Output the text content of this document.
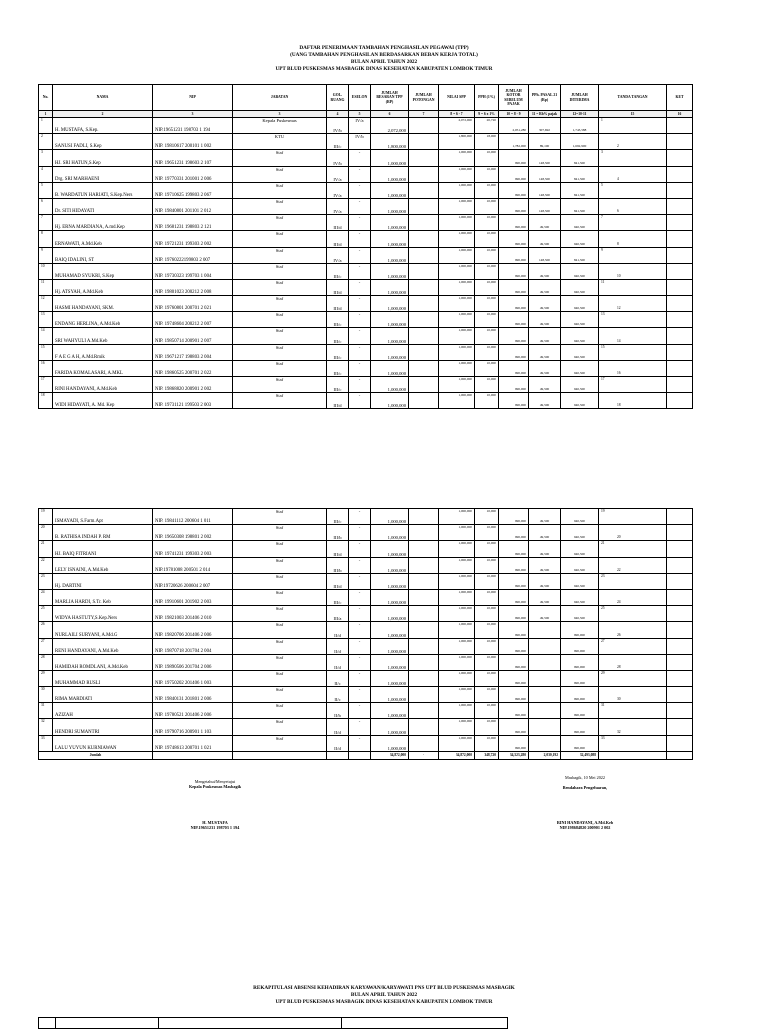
DAFTAR PENERIMAAN TAMBAHAN PENGHASILAN PEGAWAI (TPP)
(UANG TAMBAHAN PENGHASILAN BERDASARKAN BEBAN KERJA TOTAL)
BULAN APRIL TAHUN 2022
UPT BLUD PUSKESMAS MASBAGIK DINAS KESEHATAN KABUPATEN LOMBOK TIMUR
No.	NAMA	NIP	JABATAN	GOL. RUANG	ESELON	JUMLAH BESARAN TPP (RP)	JUMLAH POTONGAN	NILAI SPP	PPH (1%)	JUMLAH KOTOR SEBELUM PAJAK	PPh. PASAL 21 (Rp)	JUMLAH DITERIMA	TANDA TANGAN	KET
1	2	3	3	4	5	6	7	8 = 6 - 7	9 = 6 x 1%	10 = 8 - 9	11 = Rb% pajak	12=10-11	15	16
1	H. MUSTAFA, S.Kep.	NIP.19651231 198703 1 194	Kepala Puskesmas	IV/b	IV/a	2,072,000		2,072,000	20,720	2,051,280	307,692	1,743,588	1	
2	SANUSI FADLI, S.Kep	NIP. 19810617 200101 1 002	KTU	III/c	IV/b	1,800,000		1,800,000	18,000	1,782,000	89,100	1,692,900	2	
3	HJ. SRI HATUN,S.Kep	NIP. 19651231 198603 2 107	Staf	IV/b	-	1,000,000		1,000,000	10,000	990,000	148,500	841,500	3	
4	Drg. SRI MARHAENI	NIP. 19770331 201001 2 006	Staf	IV/a	-	1,000,000		1,000,000	10,000	990,000	148,500	841,500	4	
5	B. WARDATUN HARIATI, S.Kep.Ners	NIP. 19710625 199803 2 067	Staf	IV/a	-	1,000,000		1,000,000	10,000	990,000	148,500	841,500	5	
6	Dr. SITI HIDAYATI	NIP. 19840801 201101 2 012	Staf	IV/a	-	1,000,000		1,000,000	10,000	990,000	148,500	841,500	6	
7	Hj. ERNA MARDIANA, A.md.Kep	NIP. 19681231 198803 2 121	Staf	III/d	-	1,000,000		1,000,000	10,000	990,000	49,500	940,500	7	
8	ERNAWATI, A.Md.Keb	NIP. 19721231 199303 2 002	Staf	III/d	-	1,000,000		1,000,000	10,000	990,000	49,500	940,500	8	
9	BAIQ IDALINI, ST	NIP. 19760222199803 2 007	Staf	IV/a	-	1,000,000		1,000,000	10,000	990,000	148,500	841,500	9	
10	MUHAMAD SYUKRI, S.Kep	NIP. 19730323 199703 1 004	Staf	III/c	-	1,000,000		1,000,000	10,000	990,000	49,500	940,500	10	
11	Hj. ATSYAH, A.Md.Keb	NIP. 19801023 200212 2 008	Staf	III/d	-	1,000,000		1,000,000	10,000	990,000	49,500	940,500	11	
12	HASMI HANDAYANI, SKM.	NIP. 19760801 200701 2 021	Staf	III/d	-	1,000,000		1,000,000	10,000	990,000	49,500	940,500	12	
13	ENDANG HERLINA, A.Md.Keb	NIP. 19748604 200212 2 007	Staf	III/c	-	1,000,000		1,000,000	10,000	990,000	49,500	940,500	13	
14	SRI WAHYULI A.Md.Keb	NIP. 19850714 200901 2 007	Staf	III/c	-	1,000,000		1,000,000	10,000	990,000	49,500	940,500	14	
15	F A E G A H, A.Md.Rmik	NIP. 19671217 198803 2 004	Staf	III/c	-	1,000,000		1,000,000	10,000	990,000	49,500	940,500	15	
16	FARIDA KOMALASARI, A.MKL	NIP. 19860525 200701 2 022	Staf	III/c	-	1,000,000		1,000,000	10,000	990,000	49,500	940,500	16	
17	RINI HANDAYANI, A.Md.Keb	NIP. 19868820 200901 2 002	Staf	III/c	-	1,000,000		1,000,000	10,000	990,000	49,500	940,500	17	
18	WIDI HIDAYATI, A. Md. Kep	NIP. 19731121 199503 2 003	Staf	III/d	-	1,000,000		1,000,000	10,000	990,000	49,500	940,500	18	
19	ISMAYADI, S.Farm.Apt	NIP. 19841112 200604 1 011	Staf	III/c	-	1,000,000		1,000,000	10,000	990,000	49,500	940,500	19	
20	B. RATHISA INDAH P. RM	NIP. 19650308 198801 2 002	Staf	III/b	-	1,000,000		1,000,000	10,000	990,000	49,500	940,500	20	
21	HJ. BAIQ FITRIANI	NIP. 19741231 199303 2 003	Staf	III/d	-	1,000,000		1,000,000	10,000	990,000	49,500	940,500	21	
22	LELY ISNAINI, A.Md.Keb	NIP.19781008 200501 2 014	Staf	III/b	-	1,000,000		1,000,000	10,000	990,000	49,500	940,500	22	
23	Hj. DARTINI	NIP.19720626 200604 2 007	Staf	III/d	-	1,000,000		1,000,000	10,000	990,000	49,500	940,500	23	
24	MARLIA HARDI, S.Tr. Keb	NIP. 19910601 201902 2 003	Staf	III/c	-	1,000,000		1,000,000	10,000	990,000	49,500	940,500	24	
25	WIDYA HASTUTY,S.Kep.Ners	NIP. 19821003 201406 2 010	Staf	III/a	-	1,000,000		1,000,000	10,000	990,000	49,500	940,500	25	
26	NURLAILI SURYANI, A.Md.G	NIP. 19820706 201406 2 006	Staf	II/d	-	1,000,000		1,000,000	10,000	990,000		990,000	26	
27	RENI HANDAYANI, A.Md.Keb	NIP. 19870718 201704 2 004	Staf	II/d	-	1,000,000		1,000,000	10,000	990,000		990,000	27	
28	HAMIDAH ROMDLANI, A.Md.Keb	NIP. 19890506 201704 2 006	Staf	II/d	-	1,000,000		1,000,000	10,000	990,000		990,000	28	
29	MUHAMMAD RUSLI	NIP. 19750202 201406 1 003	Staf	II/c	-	1,000,000		1,000,000	10,000	990,000		990,000	29	
30	RIMA MARDIATI	NIP. 19840131 201801 2 006	Staf	II/c	-	1,000,000		1,000,000	10,000	990,000		990,000	30	
31	AZIZAH	NIP. 19780521 201406 2 006	Staf	II/b	-	1,000,000		1,000,000	10,000	990,000		990,000	31	
32	HENDRI SUMANTRI	NIP. 19790716 200901 1 103	Staf	II/d	-	1,000,000		1,000,000	10,000	990,000		990,000	32	
33	LALU YUYUN KURNIAWAN	NIP. 19748613 200701 1 021	Staf	II/d	-	1,000,000		1,000,000	10,000	990,000		990,000	33	
Jumlah						34,872,000	-	34,872,000	348,720	34,523,280	2,030,192	32,493,088		
Mengetahui/Menyetujui
Kepala Puskesmas Masbagik
H. MUSTAFA
NIP.19651231 198703 1 194
Masbagik, 10 Mei 2022
Bendahara Pengeluaran,
RINI HANDAYANI, A.Md.Keb
NIP.198684820 200901 2 002
REKAPITULASI ABSENSI KEHADIRAN KARYAWAN/KARYAWATI PNS UPT BLUD PUSKESMAS MASBAGIK
BULAN APRIL TAHUN 2022
UPT BLUD PUSKESMAS MASBAGIK DINAS KESEHATAN KABUPATEN LOMBOK TIMUR
